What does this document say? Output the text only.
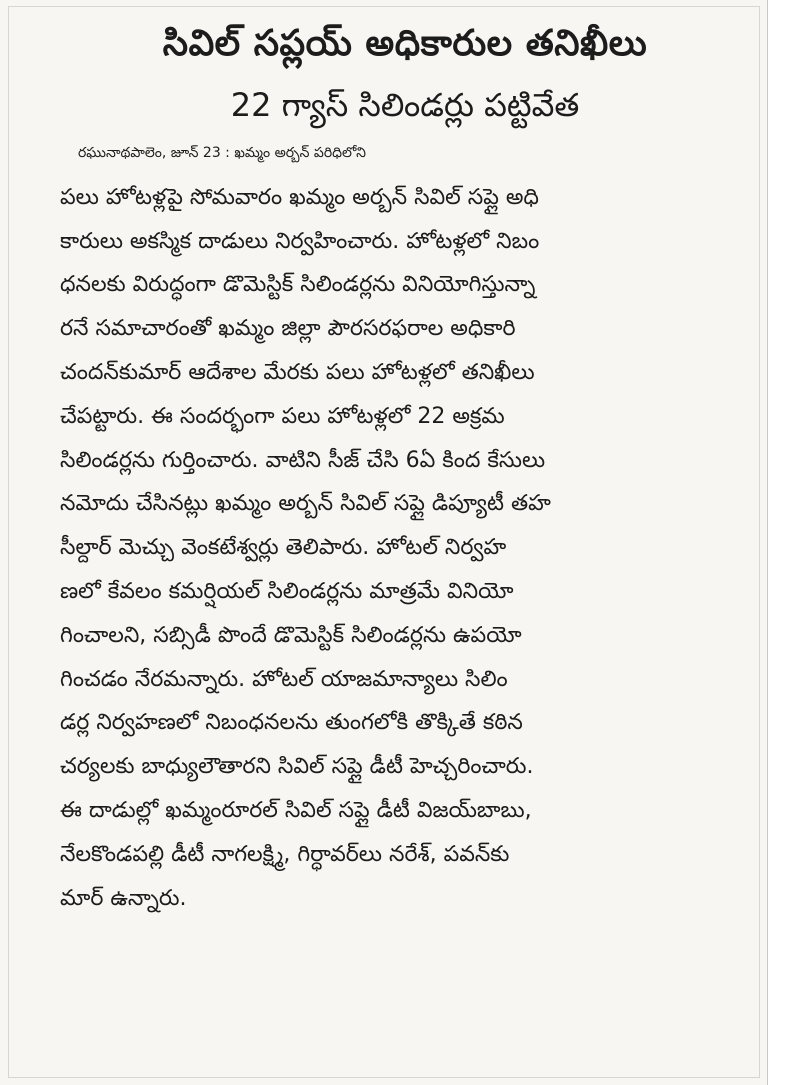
సివిల్ సప్లయ్ అధికారుల తనిఖీలు
22 గ్యాస్ సిలిండర్లు పట్టివేత

రఘునాథపాలెం, జూన్ 23 : ఖమ్మం అర్బన్ పరిధిలోని
పలు హోటళ్లపై సోమవారం ఖమ్మం అర్బన్ సివిల్ సప్లై అధి
కారులు అకస్మిక దాడులు నిర్వహించారు. హోటళ్లలో నిబం
ధనలకు విరుద్ధంగా డొమెస్టిక్ సిలిండర్లను వినియోగిస్తున్నా
రనే సమాచారంతో ఖమ్మం జిల్లా పౌరసరఫరాల అధికారి
చందన్‌కుమార్ ఆదేశాల మేరకు పలు హోటళ్లలో తనిఖీలు
చేపట్టారు. ఈ సందర్భంగా పలు హోటళ్లలో 22 అక్రమ
సిలిండర్లను గుర్తించారు. వాటిని సీజ్ చేసి 6ఏ కింద కేసులు
నమోదు చేసినట్లు ఖమ్మం అర్బన్ సివిల్ సప్లై డిప్యూటీ తహ
సీల్దార్ మెచ్చు వెంకటేశ్వర్లు తెలిపారు. హోటల్ నిర్వహ
ణలో కేవలం కమర్షియల్ సిలిండర్లను మాత్రమే వినియో
గించాలని, సబ్సిడీ పొందే డొమెస్టిక్ సిలిండర్లను ఉపయో
గించడం నేరమన్నారు. హోటల్ యాజమాన్యాలు సిలిం
డర్ల నిర్వహణలో నిబంధనలను తుంగలోకి తొక్కితే కఠిన
చర్యలకు బాధ్యులౌతారని సివిల్ సప్లై డీటీ హెచ్చరించారు.
ఈ దాడుల్లో ఖమ్మంరూరల్ సివిల్ సప్లై డీటీ విజయ్‌బాబు,
నేలకొండపల్లి డీటీ నాగలక్ష్మి, గిర్ధావర్‌లు నరేశ్, పవన్‌కు
మార్ ఉన్నారు.
